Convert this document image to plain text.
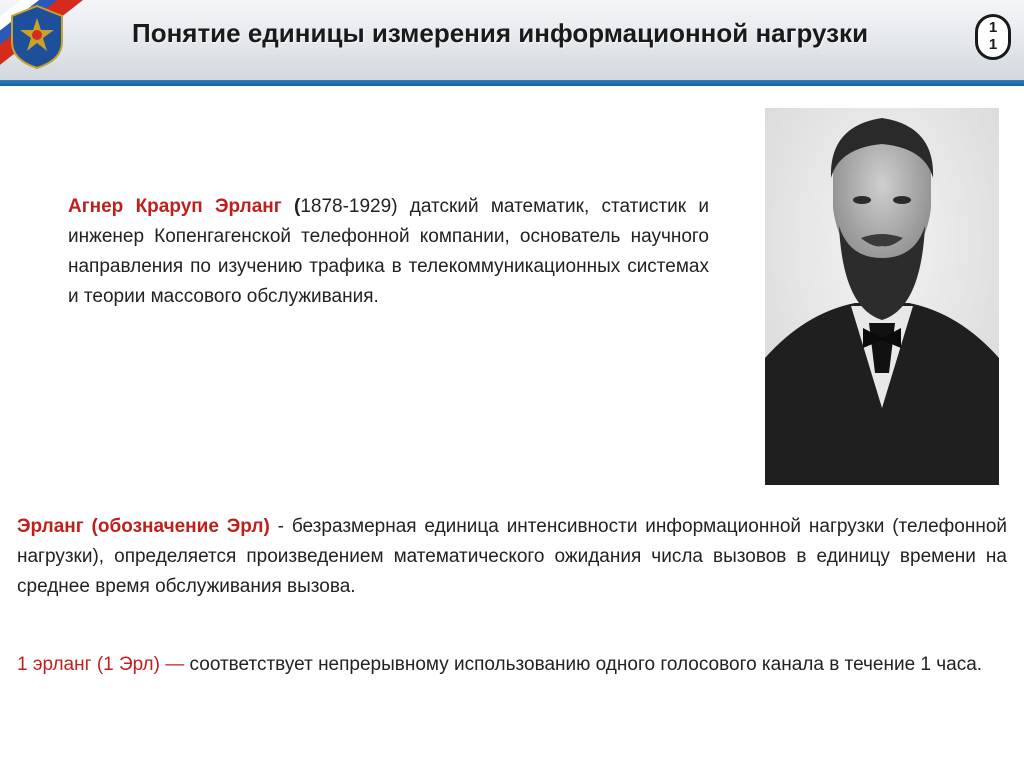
Понятие единицы измерения информационной нагрузки	1
1
Агнер Краруп Эрланг (1878-1929) датский математик, статистик и инженер Копенгагенской телефонной компании, основатель научного направления по изучению трафика в телекоммуникационных системах и теории массового обслуживания.
Эрланг (обозначение Эрл) - безразмерная единица интенсивности информационной нагрузки (телефонной нагрузки), определяется произведением математического ожидания числа вызовов в единицу времени на среднее время обслуживания вызова.
1 эрланг (1 Эрл) — соответствует непрерывному использованию одного голосового канала в течение 1 часа.
